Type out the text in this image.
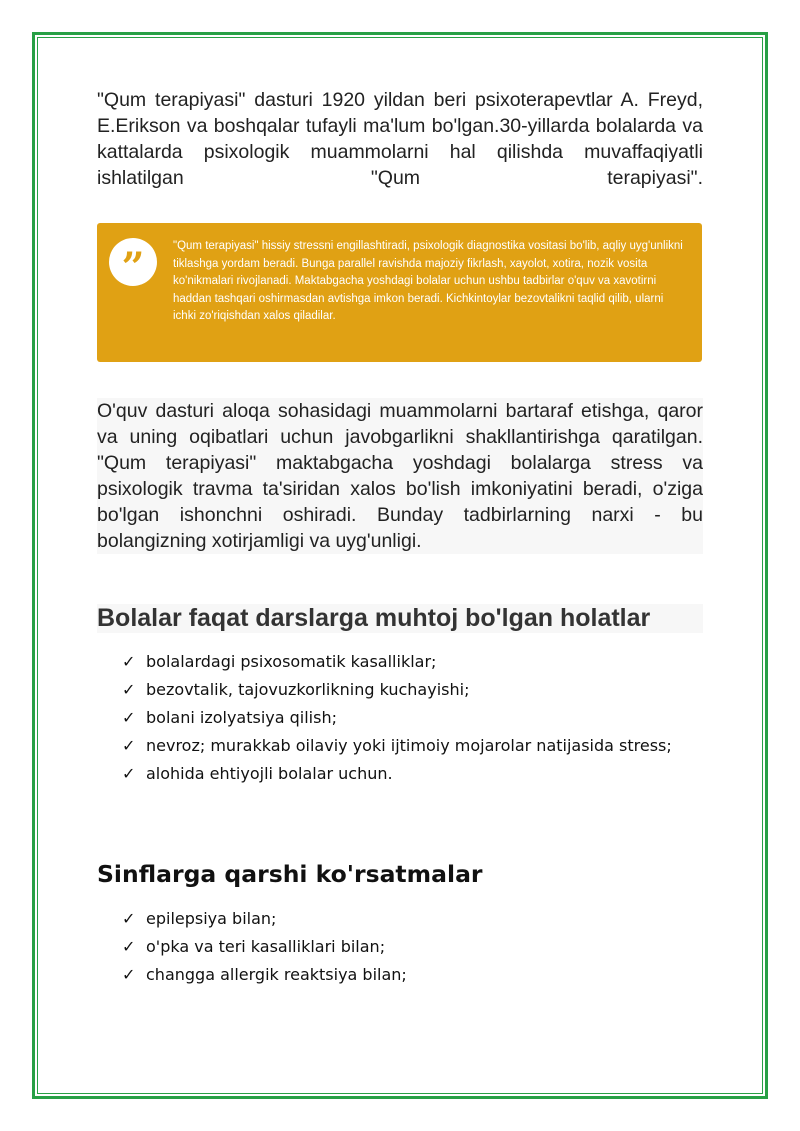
"Qum terapiyasi" dasturi 1920 yildan beri psixoterapevtlar A. Freyd, E.Erikson va boshqalar tufayli ma'lum bo'lgan.30-yillarda bolalarda va kattalarda psixologik muammolarni hal qilishda muvaffaqiyatli ishlatilgan "Qum terapiyasi".
”	"Qum terapiyasi" hissiy stressni engillashtiradi, psixologik diagnostika vositasi bo'lib, aqliy uyg'unlikni tiklashga yordam beradi. Bunga parallel ravishda majoziy fikrlash, xayolot, xotira, nozik vosita ko'nikmalari rivojlanadi. Maktabgacha yoshdagi bolalar uchun ushbu tadbirlar o'quv va xavotirni haddan tashqari oshirmasdan avtishga imkon beradi. Kichkintoylar bezovtalikni taqlid qilib, ularni ichki zo'riqishdan xalos qiladilar.
O'quv dasturi aloqa sohasidagi muammolarni bartaraf etishga, qaror va uning oqibatlari uchun javobgarlikni shakllantirishga qaratilgan. "Qum terapiyasi" maktabgacha yoshdagi bolalarga stress va psixologik travma ta'siridan xalos bo'lish imkoniyatini beradi, o'ziga bo'lgan ishonchni oshiradi. Bunday tadbirlarning narxi - bu bolangizning xotirjamligi va uyg'unligi.
Bolalar faqat darslarga muhtoj bo'lgan holatlar
✓ bolalardagi psixosomatik kasalliklar;
✓ bezovtalik, tajovuzkorlikning kuchayishi;
✓ bolani izolyatsiya qilish;
✓ nevroz; murakkab oilaviy yoki ijtimoiy mojarolar natijasida stress;
✓ alohida ehtiyojli bolalar uchun.
Sinflarga qarshi ko'rsatmalar
✓ epilepsiya bilan;
✓ o'pka va teri kasalliklari bilan;
✓ changga allergik reaktsiya bilan;
